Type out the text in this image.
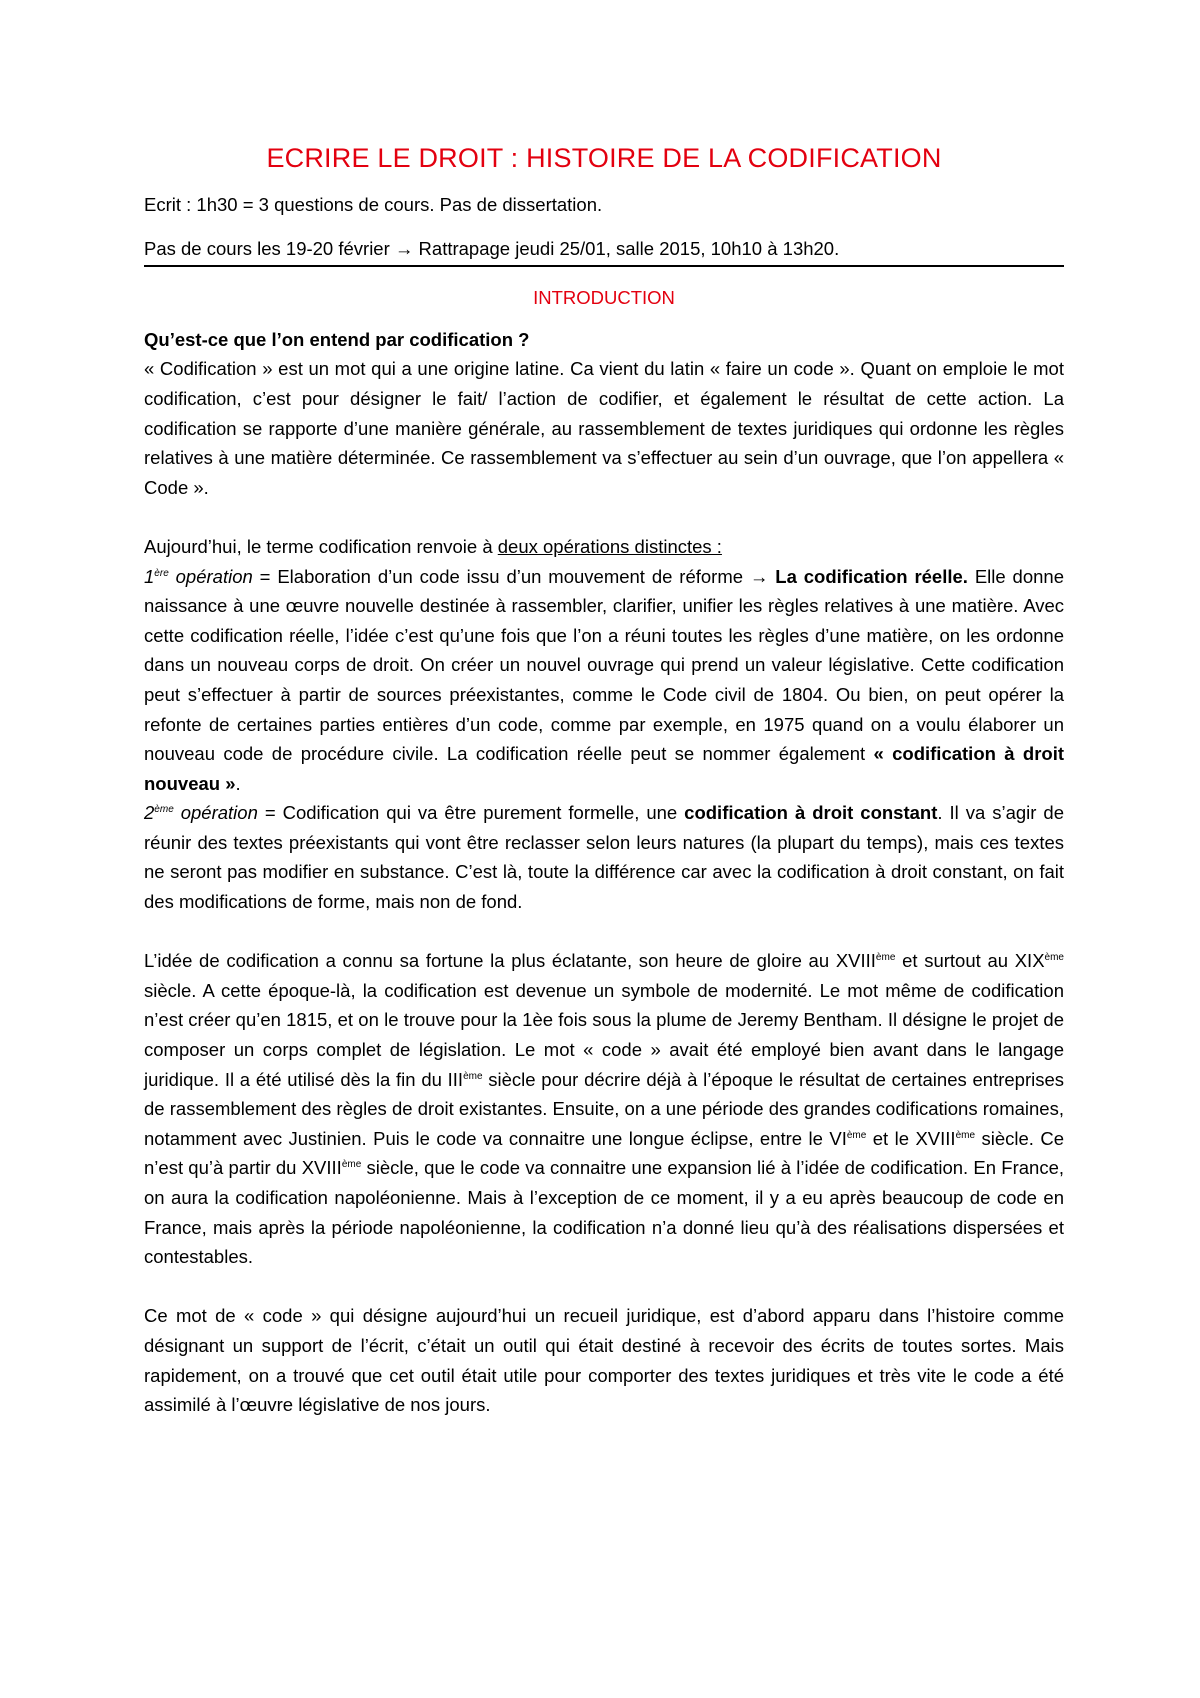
ECRIRE LE DROIT : HISTOIRE DE LA CODIFICATION

Ecrit : 1h30 = 3 questions de cours. Pas de dissertation.

Pas de cours les 19-20 février → Rattrapage jeudi 25/01, salle 2015, 10h10 à 13h20.

INTRODUCTION
Qu’est-ce que l’on entend par codification ?

« Codification » est un mot qui a une origine latine. Ca vient du latin « faire un code ». Quant on emploie le mot codification, c’est pour désigner le fait/ l’action de codifier, et également le résultat de cette action. La codification se rapporte d’une manière générale, au rassemblement de textes juridiques qui ordonne les règles relatives à une matière déterminée. Ce rassemblement va s’effectuer au sein d’un ouvrage, que l’on appellera « Code ».

Aujourd’hui, le terme codification renvoie à deux opérations distinctes :

1ère opération = Elaboration d’un code issu d’un mouvement de réforme → La codification réelle. Elle donne naissance à une œuvre nouvelle destinée à rassembler, clarifier, unifier les règles relatives à une matière. Avec cette codification réelle, l’idée c’est qu’une fois que l’on a réuni toutes les règles d’une matière, on les ordonne dans un nouveau corps de droit. On créer un nouvel ouvrage qui prend un valeur législative. Cette codification peut s’effectuer à partir de sources préexistantes, comme le Code civil de 1804. Ou bien, on peut opérer la refonte de certaines parties entières d’un code, comme par exemple, en 1975 quand on a voulu élaborer un nouveau code de procédure civile. La codification réelle peut se nommer également « codification à droit nouveau ».

2ème opération = Codification qui va être purement formelle, une codification à droit constant. Il va s’agir de réunir des textes préexistants qui vont être reclasser selon leurs natures (la plupart du temps), mais ces textes ne seront pas modifier en substance. C’est là, toute la différence car avec la codification à droit constant, on fait des modifications de forme, mais non de fond.

L’idée de codification a connu sa fortune la plus éclatante, son heure de gloire au XVIIIème et surtout au XIXème siècle. A cette époque-là, la codification est devenue un symbole de modernité. Le mot même de codification n’est créer qu’en 1815, et on le trouve pour la 1èe fois sous la plume de Jeremy Bentham. Il désigne le projet de composer un corps complet de législation. Le mot « code » avait été employé bien avant dans le langage juridique. Il a été utilisé dès la fin du IIIème siècle pour décrire déjà à l’époque le résultat de certaines entreprises de rassemblement des règles de droit existantes. Ensuite, on a une période des grandes codifications romaines, notamment avec Justinien. Puis le code va connaitre une longue éclipse, entre le VIème et le XVIIIème siècle. Ce n’est qu’à partir du XVIIIème siècle, que le code va connaitre une expansion lié à l’idée de codification. En France, on aura la codification napoléonienne. Mais à l’exception de ce moment, il y a eu après beaucoup de code en France, mais après la période napoléonienne, la codification n’a donné lieu qu’à des réalisations dispersées et contestables.

Ce mot de « code » qui désigne aujourd’hui un recueil juridique, est d’abord apparu dans l’histoire comme désignant un support de l’écrit, c’était un outil qui était destiné à recevoir des écrits de toutes sortes. Mais rapidement, on a trouvé que cet outil était utile pour comporter des textes juridiques et très vite le code a été assimilé à l’œuvre législative de nos jours.
